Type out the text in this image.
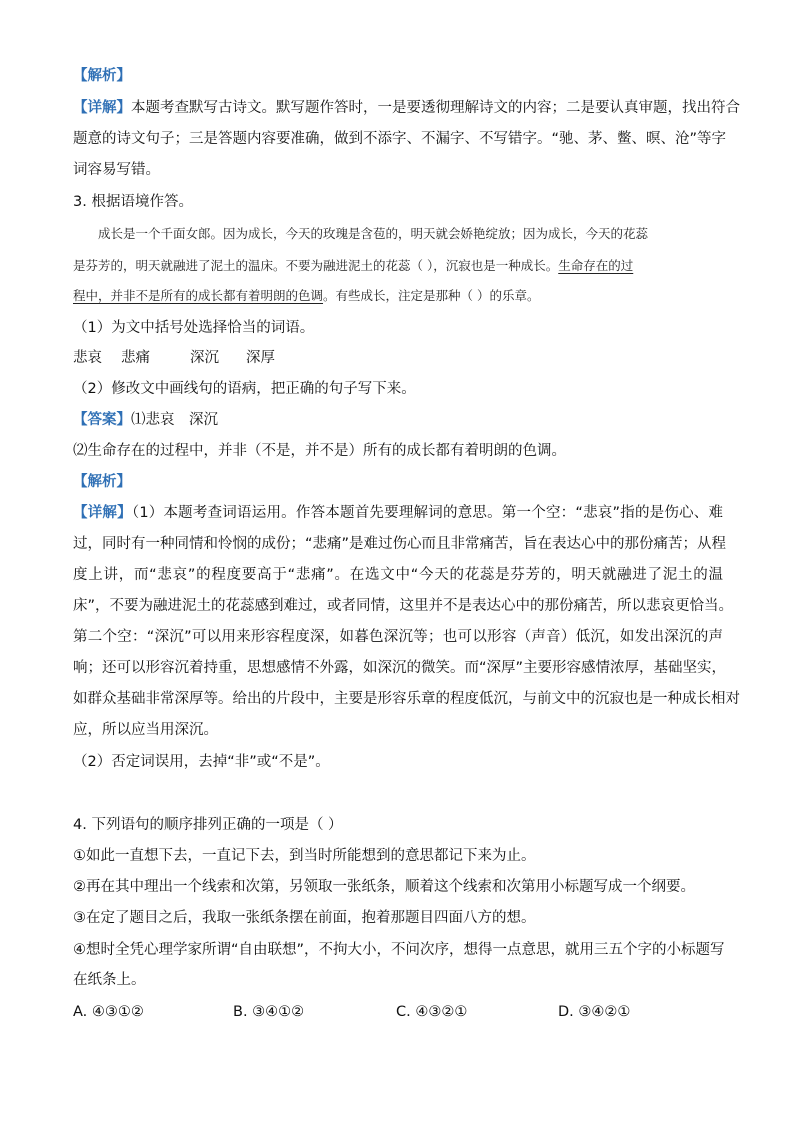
【解析】
【详解】本题考查默写古诗文。默写题作答时，一是要透彻理解诗文的内容；二是要认真审题，找出符合
题意的诗文句子；三是答题内容要准确，做到不添字、不漏字、不写错字。“驰、茅、鳖、暝、沧”等字
词容易写错。
3. 根据语境作答。
成长是一个千面女郎。因为成长，今天的玫瑰是含苞的，明天就会娇艳绽放；因为成长，今天的花蕊
是芬芳的，明天就融进了泥土的温床。不要为融进泥土的花蕊（ ），沉寂也是一种成长。生命存在的过
程中，并非不是所有的成长都有着明朗的色调。有些成长，注定是那种（ ）的乐章。
（1）为文中括号处选择恰当的词语。
悲哀 悲痛	深沉 深厚
（2）修改文中画线句的语病，把正确的句子写下来。
【答案】⑴悲哀　深沉
⑵生命存在的过程中，并非（不是，并不是）所有的成长都有着明朗的色调。
【解析】
【详解】（1）本题考查词语运用。作答本题首先要理解词的意思。第一个空：“悲哀”指的是伤心、难
过，同时有一种同情和怜悯的成份；“悲痛”是难过伤心而且非常痛苦，旨在表达心中的那份痛苦；从程
度上讲，而“悲哀”的程度要高于“悲痛”。在选文中“今天的花蕊是芬芳的，明天就融进了泥土的温
床”，不要为融进泥土的花蕊感到难过，或者同情，这里并不是表达心中的那份痛苦，所以悲哀更恰当。
第二个空：“深沉”可以用来形容程度深，如暮色深沉等；也可以形容（声音）低沉，如发出深沉的声
响；还可以形容沉着持重，思想感情不外露，如深沉的微笑。而“深厚”主要形容感情浓厚，基础坚实，
如群众基础非常深厚等。给出的片段中，主要是形容乐章的程度低沉，与前文中的沉寂也是一种成长相对
应，所以应当用深沉。
（2）否定词误用，去掉“非”或“不是”。
4. 下列语句的顺序排列正确的一项是（ ）
①如此一直想下去，一直记下去，到当时所能想到的意思都记下来为止。
②再在其中理出一个线索和次第，另领取一张纸条，顺着这个线索和次第用小标题写成一个纲要。
③在定了题目之后，我取一张纸条摆在前面，抱着那题目四面八方的想。
④想时全凭心理学家所谓“自由联想”，不拘大小，不问次序，想得一点意思，就用三五个字的小标题写
在纸条上。
A. ④③①②	B. ③④①②	C. ④③②①	D. ③④②①
